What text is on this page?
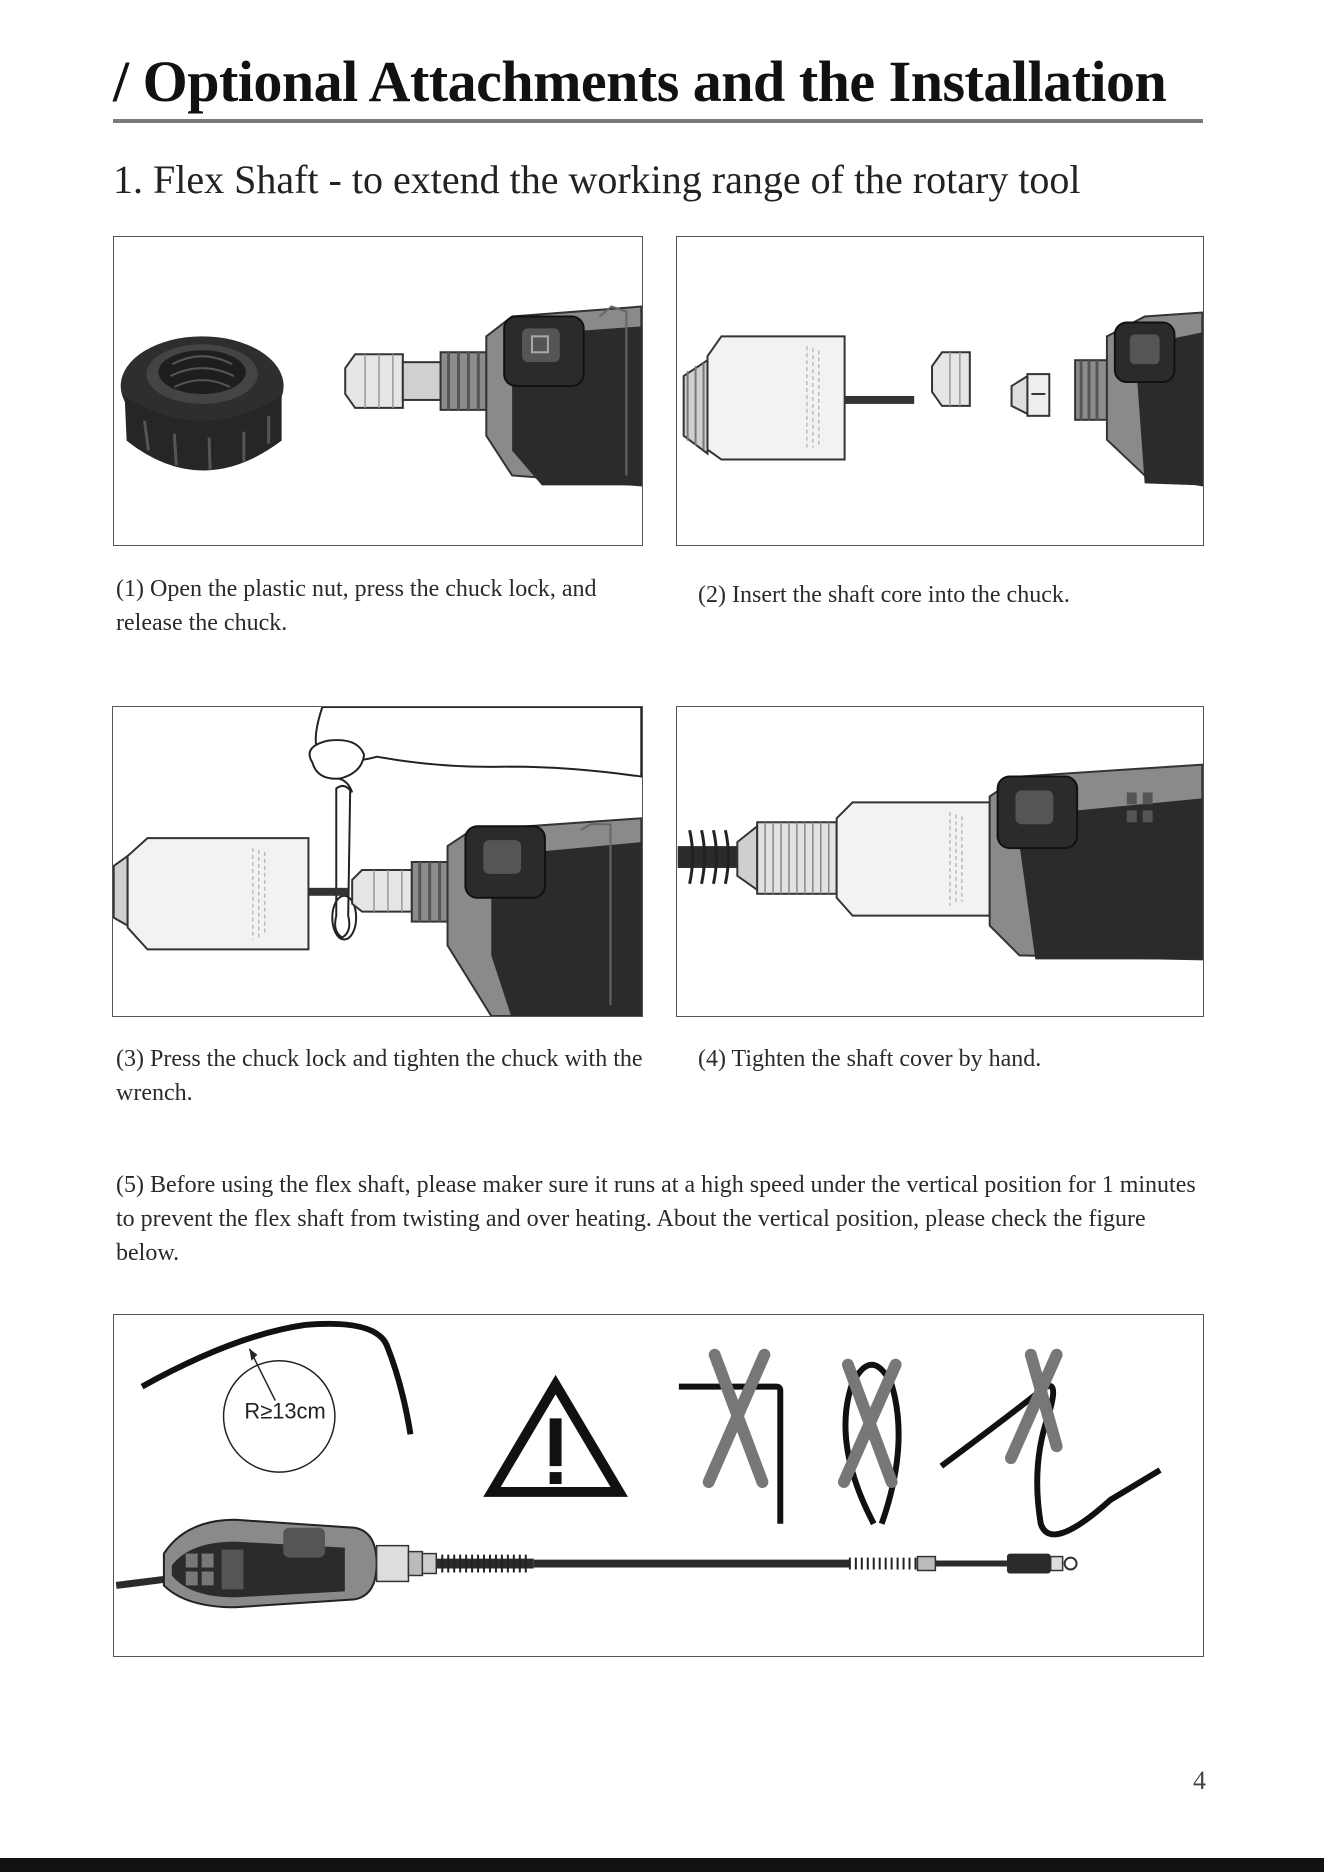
/ Optional Attachments and the Installation
1. Flex Shaft - to extend the working range of the rotary tool

(1) Open the plastic nut, press the chuck lock, and release the chuck.

(2) Insert the shaft core into the chuck.

(3) Press the chuck lock and tighten the chuck with the wrench.

(4) Tighten the shaft cover by hand.

(5) Before using the flex shaft, please maker sure it runs at a high speed under the vertical position for 1 minutes to prevent the flex shaft from twisting and over heating. About the vertical position, please check the figure below.

R≥13cm
4
